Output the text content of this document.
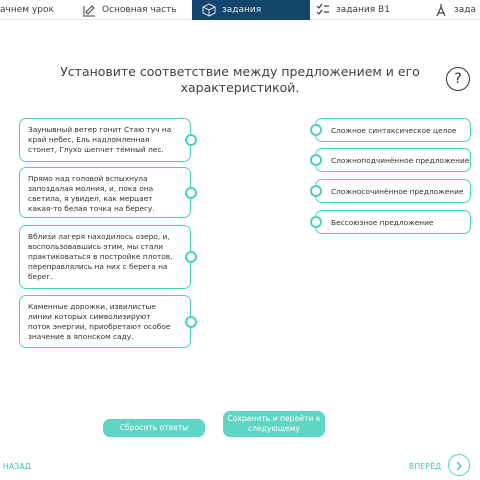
ачнем урок	Основная часть	задания	задания В1	зада
Установите соответствие между предложением и его характеристикой.
?
Заунывный ветер гонит Стаю туч на край небес, Ель надломленная стонет, Глухо шепчет тёмный лес.
Прямо над головой вспыхнула запоздалая молния, и, пока она светила, я увидел, как мерцает какая-то белая точка на берегу.
Вблизи лагеря находилось озеро, и, воспользовавшись этим, мы стали практиковаться в постройке плотов, переправлялись на них с берега на берег.
Каменные дорожки, извилистые линии которых символизируют поток энергии, приобретают особое значение в японском саду.
Сложное синтаксическое целое
Сложноподчинённое предложение
Сложносочинённое предложение
Бессоюзное предложение
Сбросить ответы
Сохранить и перейти к следующему
НАЗАД	ВПЕРЁД
